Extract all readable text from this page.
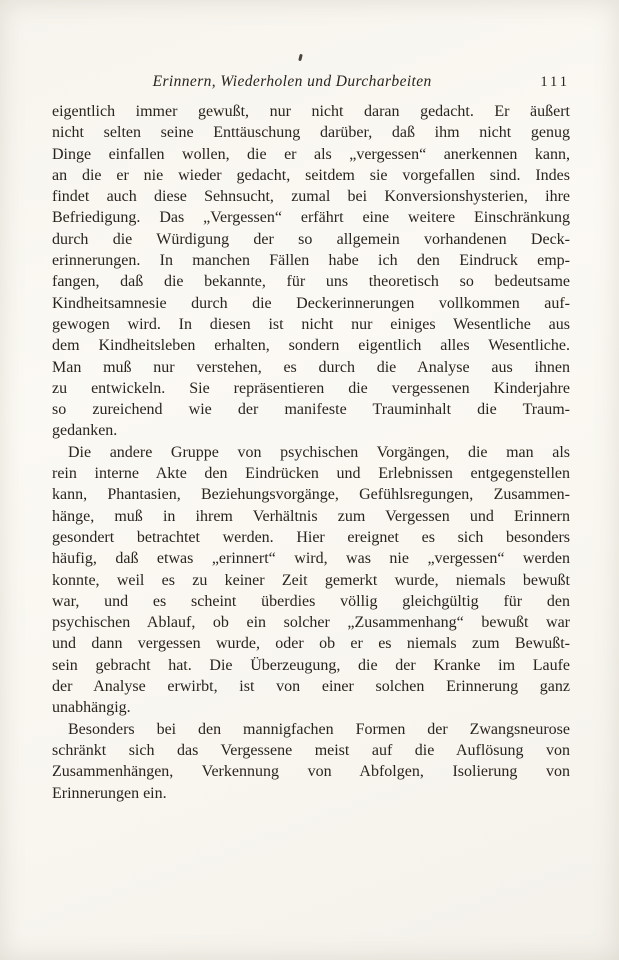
Erinnern, Wiederholen und Durcharbeiten	111
eigentlich immer gewußt, nur nicht daran gedacht. Er äußert
nicht selten seine Enttäuschung darüber, daß ihm nicht genug
Dinge einfallen wollen, die er als „vergessen“ anerkennen kann,
an die er nie wieder gedacht, seitdem sie vorgefallen sind. Indes
findet auch diese Sehnsucht, zumal bei Konversionshysterien, ihre
Befriedigung. Das „Vergessen“ erfährt eine weitere Einschränkung
durch die Würdigung der so allgemein vorhandenen Deck-
erinnerungen. In manchen Fällen habe ich den Eindruck emp-
fangen, daß die bekannte, für uns theoretisch so bedeutsame
Kindheitsamnesie durch die Deckerinnerungen vollkommen auf-
gewogen wird. In diesen ist nicht nur einiges Wesentliche aus
dem Kindheitsleben erhalten, sondern eigentlich alles Wesentliche.
Man muß nur verstehen, es durch die Analyse aus ihnen
zu entwickeln. Sie repräsentieren die vergessenen Kinderjahre
so zureichend wie der manifeste Trauminhalt die Traum-
gedanken.
Die andere Gruppe von psychischen Vorgängen, die man als
rein interne Akte den Eindrücken und Erlebnissen entgegenstellen
kann, Phantasien, Beziehungsvorgänge, Gefühlsregungen, Zusammen-
hänge, muß in ihrem Verhältnis zum Vergessen und Erinnern
gesondert betrachtet werden. Hier ereignet es sich besonders
häufig, daß etwas „erinnert“ wird, was nie „vergessen“ werden
konnte, weil es zu keiner Zeit gemerkt wurde, niemals bewußt
war, und es scheint überdies völlig gleichgültig für den
psychischen Ablauf, ob ein solcher „Zusammenhang“ bewußt war
und dann vergessen wurde, oder ob er es niemals zum Bewußt-
sein gebracht hat. Die Überzeugung, die der Kranke im Laufe
der Analyse erwirbt, ist von einer solchen Erinnerung ganz
unabhängig.
Besonders bei den mannigfachen Formen der Zwangsneurose
schränkt sich das Vergessene meist auf die Auflösung von
Zusammenhängen, Verkennung von Abfolgen, Isolierung von
Erinnerungen ein.
